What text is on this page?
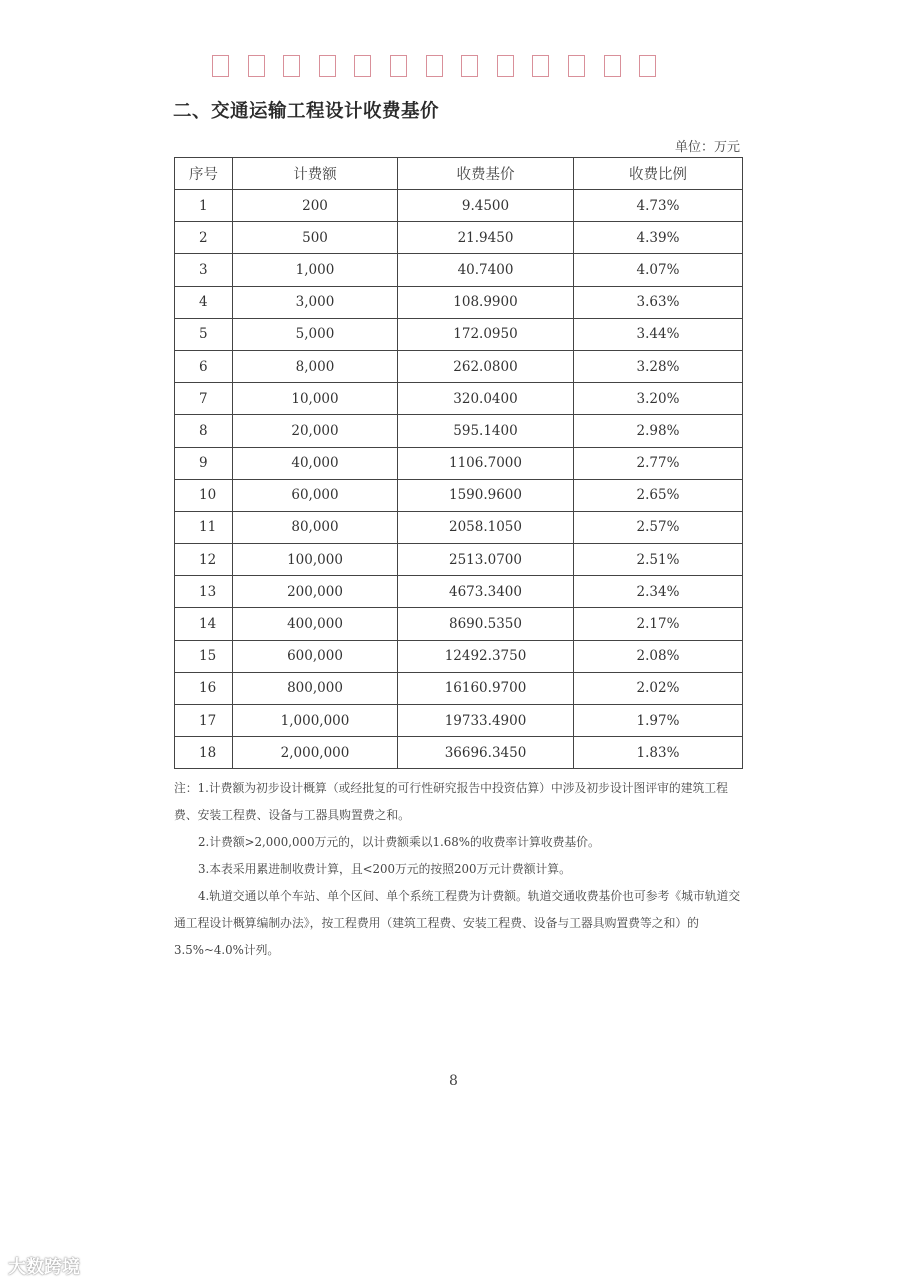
二、交通运输工程设计收费基价
单位：万元
序号	计费额	收费基价	收费比例
1	200	9.4500	4.73%
2	500	21.9450	4.39%
3	1,000	40.7400	4.07%
4	3,000	108.9900	3.63%
5	5,000	172.0950	3.44%
6	8,000	262.0800	3.28%
7	10,000	320.0400	3.20%
8	20,000	595.1400	2.98%
9	40,000	1106.7000	2.77%
10	60,000	1590.9600	2.65%
11	80,000	2058.1050	2.57%
12	100,000	2513.0700	2.51%
13	200,000	4673.3400	2.34%
14	400,000	8690.5350	2.17%
15	600,000	12492.3750	2.08%
16	800,000	16160.9700	2.02%
17	1,000,000	19733.4900	1.97%
18	2,000,000	36696.3450	1.83%

注：1.计费额为初步设计概算（或经批复的可行性研究报告中投资估算）中涉及初步设计图评审的建筑工程费、安装工程费、设备与工器具购置费之和。

2.计费额>2,000,000万元的，以计费额乘以1.68%的收费率计算收费基价。

3.本表采用累进制收费计算，且<200万元的按照200万元计费额计算。

4.轨道交通以单个车站、单个区间、单个系统工程费为计费额。轨道交通收费基价也可参考《城市轨道交通工程设计概算编制办法》，按工程费用（建筑工程费、安装工程费、设备与工器具购置费等之和）的3.5%~4.0%计列。

8
大数跨境
